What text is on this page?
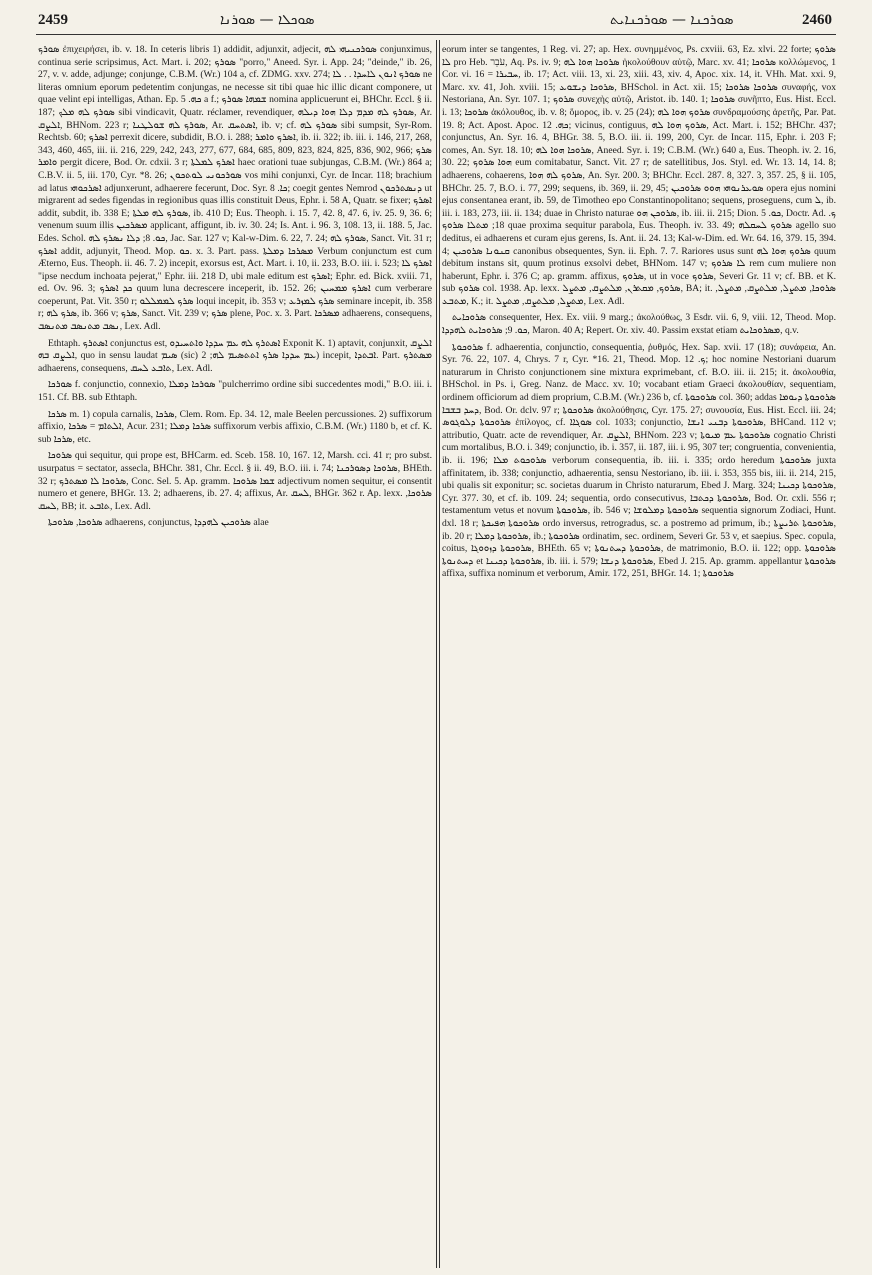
2459	ܣܘܟܠܐ — ܣܘܪܢܐ	ܣܘܪܟܢܐ — ܣܘܪܟܢܐܝܬ	2460

ܣܘܪܟ ἐπιχειρήσει, ib. v. 18. In ceteris libris 1) addidit, adjunxit, adjecit, ܣܘܪܟܢܝܗܝ ܠܗ conjunximus, continua serie scripsimus, Act. Mart. i. 202; ܣܘܪܟ "porro," Aneed. Syr. i. App. 24; "deinde," ib. 26, 27, v. v. adde, adjunge; conjunge, C.B.M. (Wr.) 104 a, cf. ZDMG. xxv. 274; ܣܘܪܟ ܐܢܘܢ ܠܐܚܕܐ . . ܠܐ ne literas omnium eporum pedetentim conjungas, ne necesse sit tibi quae hic illic dicant componere, ut quae velint epi intelligas, Athan. Ep. ܟܗ. 5 a f.; ܫܡܗܐ ܣܘܪܟ nomina applicuerunt ei, BHChr. Eccl. § ii. 187; ܣܘܪܟ ܠܗ ܡܠܟ sibi vindicavit, Quatr. réclamer, revendiquer, ܣܘܪܟ ܠܗ ܡܕܡ ܕܠܐ ܗܘܐ ܕܝܠܗ, Ar. ܐܠܨܩ, BHNom. 223 r; ܣܘܪܟ ܠܗ ܫܘܠܛܢܐ, Ar. ܐܣܬܚܩ, ib. v; cf. ܣܘܪܟ ܠܗ sibi sumpsit, Syr-Rom. Rechtsb. 60; ܐܣܪܟ perrexit dicere, subdidit, B.O. i. 288; ܐܣܪܟ ܘܐܡܪ, ib. ii. 322; ib. iii. i. 146, 217, 268, 343, 460, 465, iii. ii. 216, 229, 242, 243, 277, 677, 684, 685, 809, 823, 824, 825, 836, 902, 966; ܣܪܟ ܘܐܡܪ pergit dicere, Bod. Or. cdxii. 3 r; ܐܣܪܟ ܠܡܠܬܐ haec orationi tuae subjungas, C.B.M. (Wr.) 864 a; C.B.V. ii. 5, iii. 170, Cyr. *8. 26; ܣܘܪܟܘܢܝ ܠܘܬܟܘܢ vos mihi conjunxi, Cyr. de Incar. 118; brachium ad latus ܐܣܪܟܘܗܝ adjunxerunt, adhaerere fecerunt, Doc. Syr. ܟܐ. 8; coegit gentes Nemrod ܕܢܣܬܪܟܘܢ ut migrarent ad sedes figendas in regionibus quas illis constituit Deus, Ephr. i. 58 A, Quatr. se fixer; ܐܣܪܟ addit, subdit, ib. 338 E; ܣܘܪܟ ܠܗ ܡܠܬܐ, ib. 410 D; Eus. Theoph. i. 15. 7, 42. 8, 47. 6, iv. 25. 9, 36. 6; venenum suum illis ܡܣܪܟܝܢ applicant, affigunt, ib. iv. 30. 24; Is. Ant. i. 96. 3, 108. 13, ii. 188. 5, Jac. Edes. Schol. ܟܘ. 8; ܕܠܐ ܢܣܪܟ ܠܗ, Jac. Sar. 127 v; Kal-w-Dim. 6. 22, 7. 24; ܣܘܪܟ ܠܗ, Sanct. Vit. 31 r; ܐܣܪܟ addit, adjunyit, Theod. Mop. ܟܘ. x. 3. Part. pass. ܡܣܪܟܐ ܕܡܠܬܐ Verbum conjunctum est cum Æterno, Eus. Theoph. ii. 46. 7. 2) incepit, exorsus est, Act. Mart. i. 10, ii. 233, B.O. iii. i. 523; ܐܣܪܟ ܠܐ "ipse necdum inchoata pejerat," Ephr. iii. 218 D, ubi male editum est ܐܣܪܟ; Ephr. ed. Bick. xviii. 71, ed. Ov. 96. 3; ܟܕ ܐܣܪܟ quum luna decrescere inceperit, ib. 152. 26; ܐܣܪܟ ܡܡܚܝܢ cum verberare coeperunt, Pat. Vit. 350 r; ܣܪܟ ܠܡܡܠܠܘ loqui incepit, ib. 353 v; ܣܪܟ ܠܡܙܪܥ seminare incepit, ib. 358 r; ܣܪܟ ܠܗ, ib. 366 v; ܣܪܟ, Sanct. Vit. 239 v; ܣܪܟ plene, Poc. x. 3. Part. ܡܣܪܟܐ adhaerens, consequens, ܢܣܒ ܡܬܢܣܒ ܡܬܢܣܒ, Lex. Adl.

Ethtaph. ܐܣܬܪܟ conjunctus est, ܐܣܬܪܟ ܠܗ ܥܡ ܚܕܕܐ ܘܐܬܚܝܕܘ Exponit K. 1) aptavit, conjunxit, ܐܠܨܩ ܐܠܨܩ ܒܗ, quo in sensu laudat ܣܝܡ (sic) ܥܡ ܚܕܕܐ ܣܪܟ ܐܬܬܣܝܡ ܠܗ; 2) incepit, ܐܒܬܕܐ. Part. ܡܣܬܪܟ adhaerens, consequens, ܬܐܒܥ ܠܚܩ, Lex. Adl.

ܣܘܪܟܐ f. conjunctio, connexio, ܣܘܪܟܐ ܕܡܠܐ "pulcherrimo ordine sibi succedentes modi," B.O. iii. i. 151. Cf. BB. sub Ethtaph.

ܣܪܟܐ m. 1) copula carnalis, ܣܪܟܐ, Clem. Rom. Ep. 34. 12, male Beelen percussiones. 2) suffixorum affixio, ܐܠܬܐܡ = ܣܪܟܐ, Acur. 231; ܣܪܟܐ ܕܡܠܐ suffixorum verbis affixio, C.B.M. (Wr.) 1180 b, et cf. K. sub ܣܪܟܐ, etc.

ܣܪܘܟܐ qui sequitur, qui prope est, BHCarm. ed. Sceb. 158. 10, 167. 12, Marsh. cci. 41 r; pro subst. usurpatus = sectator, assecla, BHChr. 381, Chr. Eccl. § ii. 49, B.O. iii. i. 74; ܣܪܘܟܐ ܕܣܘܪܟܢܐ, BHEth. 32 r; ܣܪܘܟܐ ܠܐ ܡܣܬܪܟ, Conc. Sel. 5. Ap. gramm. ܫܡܐ ܣܪܘܟܐ adjectivum nomen sequitur, ei consentit numero et genere, BHGr. 13. 2; adhaerens, ib. 27. 4; affixus, Ar. ܠܚܩ, BHGr. 362 r. Ap. lexx. ܣܪܘܟܐ, ܠܚܩ, BB; it. ܬܐܒܥ, Lex. Adl.

ܣܪܘܟܐ, ܣܪܘܟܬܐ adhaerens, conjunctus, ܣܪܘܟܝܢ ܠܗܕܕܐ alae

eorum inter se tangentes, 1 Reg. vi. 27; ap. Hex. συνημμένος, Ps. cxviii. 63, Ez. xlvi. 22 forte; ܣܪܘܟ ܠܐ pro Heb. עֹבֵר, Aq. Ps. iv. 9; ܣܪܘܟܐ ܗܘܐ ܠܗ ἠκολούθουν αὐτῷ, Marc. xv. 41; ܣܪܘܟܐ κολλώμενος, 1 Cor. vi. 16 = ܚܒܝܪܐ, ib. 17; Act. viii. 13, xi. 23, xiii. 43, xiv. 4, Apoc. xix. 14, it. VHh. Mat. xxi. 9, Marc. xv. 41, Joh. xviii. 15; ܣܪܘܟܐ ܕܝܫܘܥ, BHSchol. in Act. xii. 15; ܣܪܘܟܐ ܣܪܘܟܐ συναφής, vox Nestoriana, An. Syr. 107. 1; ܣܪܘܟ συνεχὴς αὐτῷ, Aristot. ib. 140. 1; ܣܪܘܟܐ συνῆπτο, Eus. Hist. Eccl. i. 13; ܣܪܘܟܐ ἀκόλουθος, ib. v. 8; ὅμορος, ib. v. 25 (24); ܣܪܘܟ ܗܘܐ ܠܗ συνδραμούσης ἀρετῆς, Par. Pat. 19. 8; Act. Apost. Apoc. ܟܗ. 12; vicinus, contiguus, ܣܪܘܟ ܗܘܐ ܠܗ, Act. Mart. i. 152; BHChr. 437; conjunctus, An. Syr. 16. 4, BHGr. 38. 5, B.O. iii. ii. 199, 200, Cyr. de Incar. 115, Ephr. i. 203 F; comes, An. Syr. 18. 10; ܣܪܘܟܐ ܗܘܐ ܠܗ, Aneed. Syr. i. 19; C.B.M. (Wr.) 640 a, Eus. Theoph. iv. 2. 16, 30. 22; ܗܘܐ ܣܪܘܟ eum comitabatur, Sanct. Vit. 27 r; de satellitibus, Jos. Styl. ed. Wr. 13. 14, 14. 8; adhaerens, cohaerens, ܣܪܘܟ ܠܗ ܗܘܐ, An. Syr. 200. 3; BHChr. Eccl. 287. 8, 327. 3, 357. 25, § ii. 105, BHChr. 25. 7, B.O. i. 77, 299; sequens, ib. 369, ii. 29, 45; ܣܘܥܪܢܘܗܝ ܗܘܘ ܣܪܘܟܝܢ opera ejus nomini ejus consentanea erant, ib. 59, de Timotheo epo Constantinopolitano; sequens, proseguens, cum ܠ, ib. iii. i. 183, 273, iii. ii. 134; duae in Christo naturae ܣܪܘܟܢ ܗܘ, ib. iii. ii. 215; Dion. ܟܘ. 5, Doctr. Ad. ܟ. 18; ܡܬܠܐ ܣܪܘܟ quae proxima sequitur parabola, Eus. Theoph. iv. 33. 49; ܣܪܘܟ ܠܚܩܠܗ agello suo deditus, ei adhaerens et curam ejus gerens, Is. Ant. ii. 24. 13; Kal-w-Dim. ed. Wr. 64. 16, 379. 15, 394. 4; ܩܢܘܢܐ ܣܪܘܟܝܢ canonibus obsequentes, Syn. ii. Eph. 7. 7. Rariores usus sunt ܣܪܘܟ ܗܘܐ ܠܗ quum debitum instans sit, quum protinus exsolvi debet, BHNom. 147 v; ܠܐ ܣܪܘܟ rem cum muliere non haberunt, Ephr. i. 376 C; ap. gramm. affixus, ܣܪܘܟ, ut in voce ܣܪܘܟ, Severi Gr. 11 v; cf. BB. et K. sub ܣܪܘܟ col. 1938. Ap. lexx. ܣܪܘܟ, ܡܩܬܪܢ, ܡܠܬܨܩ, ܡܬܨܠ, BA; it. ܣܪܘܟܐ, ܡܬܨܠ, ܡܠܬܨܩ, ܡܬܨܠ, ܡܬܒܥ, K.; it. ܡܬܨܠ, ܡܠܬܨܩ, ܡܬܨܠ, Lex. Adl.

ܣܪܘܟܐܝܬ consequenter, Hex. Ex. viii. 9 marg.; ἀκολούθως, 3 Esdr. vii. 6, 9, viii. 12, Theod. Mop. ܟܘ. 9; ܣܪܘܟܐܝܬ ܠܗܕܕܐ, Maron. 40 A; Repert. Or. xiv. 40. Passim exstat etiam ܡܣܪܘܟܐܝܬ, q.v.

ܣܪܘܟܘܬܐ f. adhaerentia, conjunctio, consequentia, ῥυθμός, Hex. Sap. xvii. 17 (18); συνάφεια, An. Syr. 76. 22, 107. 4, Chrys. 7 r, Cyr. *16. 21, Theod. Mop. ܟ. 12; hoc nomine Nestoriani duarum naturarum in Christo conjunctionem sine mixtura exprimebant, cf. B.O. iii. ii. 215; it. ἀκολουθία, BHSchol. in Ps. i, Greg. Nanz. de Macc. xv. 10; vocabant etiam Graeci ἀκολουθίαν, sequentiam, ordinem officiorum ad diem proprium, C.B.M. (Wr.) 236 b, cf. ܣܪܘܟܘܬܐ col. 360; addas ܣܪܘܟܘܬܐ ܕܝܘܡܐ ܕܚܕ ܒܫܒܐ, Bod. Or. dclv. 97 r; ܣܪܘܟܘܬܐ ἀκολούθησις, Cyr. 175. 27; συνουσία, Eus. Hist. Eccl. iii. 24; ܣܪܘܟܘܬܐ ܕܠܘܓܘܣ ἐπίλογος, cf. ܣܘܓܐܐ col. 1033; conjunctio, ܣܪܘܟܘܬܐ ܕܒܢܝ ܐܢܫܐ, BHCand. 112 v; attributio, Quatr. acte de revendiquer, Ar. ܐܠܨܩ, BHNom. 223 v; ܣܪܘܟܘܬܐ ܥܡ ܡܝܘܬܐ cognatio Christi cum mortalibus, B.O. i. 349; conjunctio, ib. i. 357, ii. 187, iii. i. 95, 307 ter; congruentia, convenientia, ib. ii. 196; ܣܪܘܟܘܬ ܡܠܐ verborum consequentia, ib. iii. i. 335; ordo heredum ܣܪܘܟܘܬܐ juxta affinitatem, ib. 338; conjunctio, adhaerentia, sensu Nestoriano, ib. iii. i. 353, 355 bis, iii. ii. 214, 215, ubi qualis sit exponitur; sc. societas duarum in Christo naturarum, Ebed J. Marg. 324; ܣܪܘܟܘܬܐ ܕܟܝܢܐ, Cyr. 377. 30, et cf. ib. 109. 24; sequentia, ordo consecutivus, ܣܪܘܟܘܬܐ ܕܟܬܒܐ, Bod. Or. cxli. 556 r; testamentum vetus et novum ܣܪܘܟܘܬܐ, ib. 546 v; ܣܪܘܟܘܬܐ ܕܡܠܘܫܐ sequentia signorum Zodiaci, Hunt. dxl. 18 r; ܣܪܘܟܘܬܐ ܗܦܝܟܬܐ ordo inversus, retrogradus, sc. a postremo ad primum, ib.; ܣܪܘܟܘܬܐ ܬܪܝܨܬܐ, ib. 20 r; ܣܪܘܟܘܬܐ ܕܡܠܐ, ib.; ܣܪܘܟܘܬܐ ordinatim, sec. ordinem, Severi Gr. 53 v, et saepius. Spec. copula, coitus, ܣܪܘܟܘܬܐ ܕܙܘܘܓܐ, BHEth. 65 v; ܣܪܘܟܘܬܐ ܕܚܬܢܘܬܐ, de matrimonio, B.O. ii. 122; opp. ܣܪܘܟܘܬܐ ܕܚܬܢܘܬܐ et ܣܪܘܟܘܬܐ ܕܟܝܢܐ, ib. iii. i. 579; ܣܪܘܟܘܬܐ ܕܢܫܐ, Ebed J. 215. Ap. gramm. appellantur ܣܪܘܟܘܬܐ affixa, suffixa nominum et verborum, Amir. 172, 251, BHGr. 14. 1; ܣܪܘܟܘܬܐ
